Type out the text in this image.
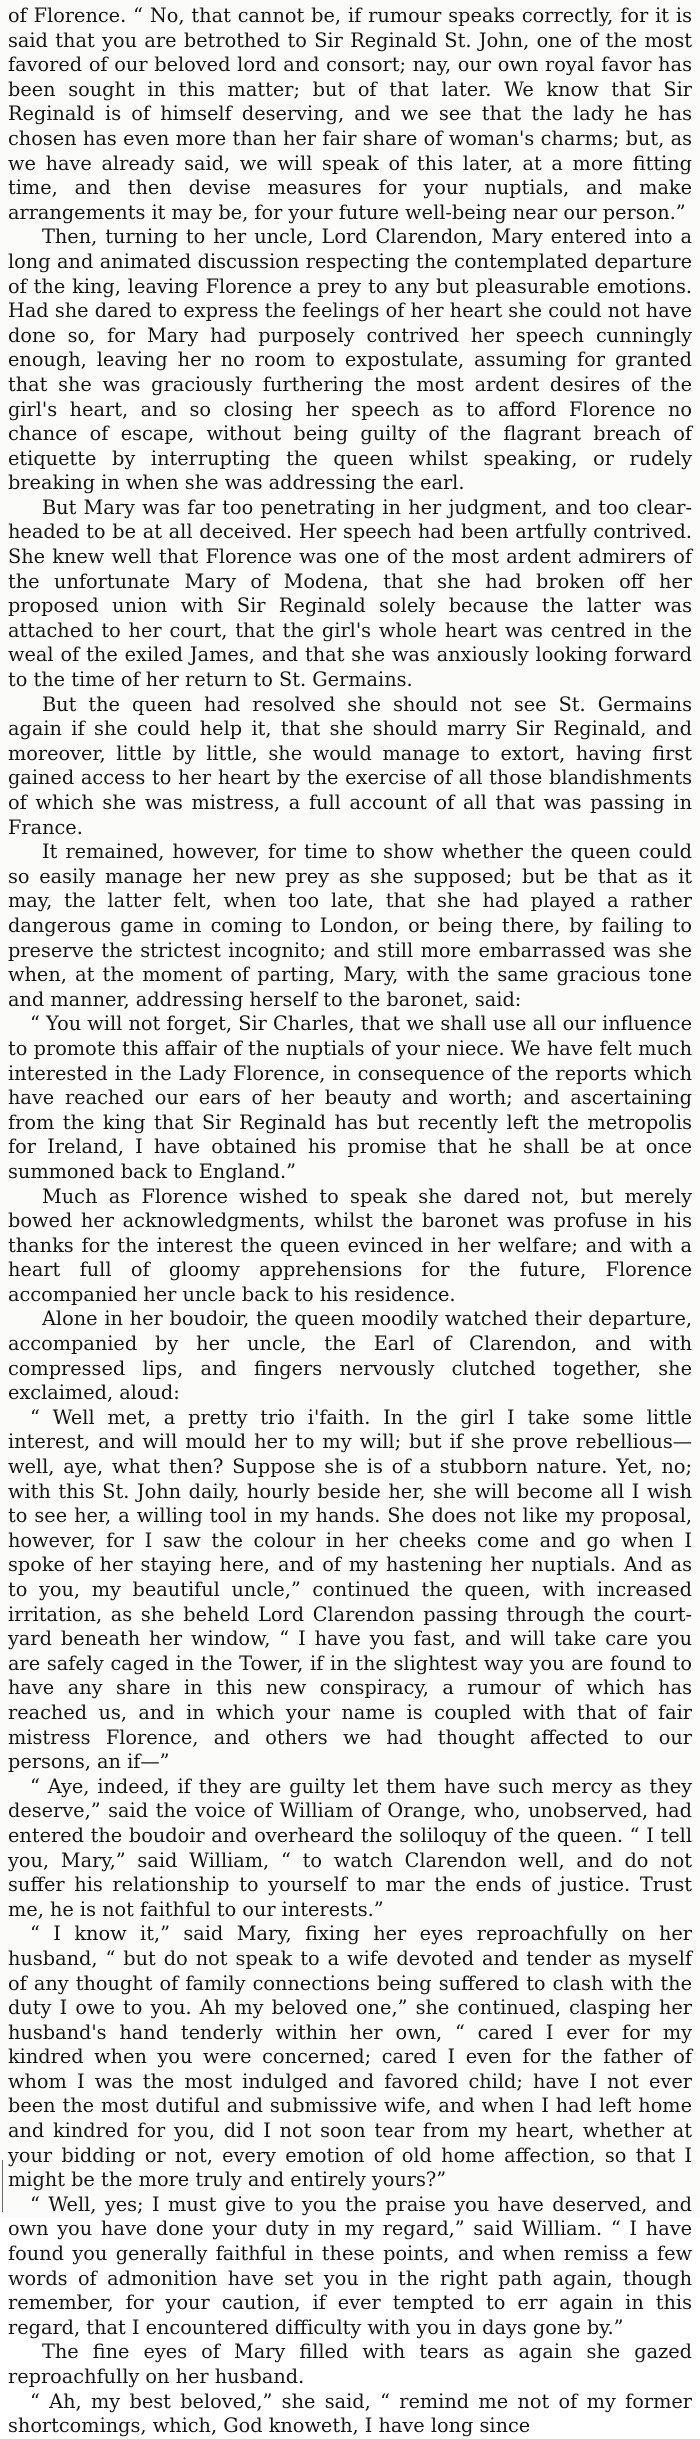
of Florence. “ No, that cannot be, if rumour speaks correctly, for it is said that you are betrothed to Sir Reginald St. John, one of the most favored of our beloved lord and consort; nay, our own royal favor has been sought in this matter; but of that later. We know that Sir Reginald is of himself deserving, and we see that the lady he has chosen has even more than her fair share of woman's charms; but, as we have already said, we will speak of this later, at a more fitting time, and then devise measures for your nuptials, and make arrangements it may be, for your future well-being near our person.”

Then, turning to her uncle, Lord Clarendon, Mary entered into a long and animated discussion respecting the contemplated departure of the king, leaving Florence a prey to any but pleasurable emotions. Had she dared to express the feelings of her heart she could not have done so, for Mary had purposely contrived her speech cunningly enough, leaving her no room to expostulate, assuming for granted that she was graciously furthering the most ardent desires of the girl's heart, and so closing her speech as to afford Florence no chance of escape, without being guilty of the flagrant breach of etiquette by interrupting the queen whilst speaking, or rudely breaking in when she was addressing the earl.

But Mary was far too penetrating in her judgment, and too clear-headed to be at all deceived. Her speech had been artfully contrived. She knew well that Florence was one of the most ardent admirers of the unfortunate Mary of Modena, that she had broken off her proposed union with Sir Reginald solely because the latter was attached to her court, that the girl's whole heart was centred in the weal of the exiled James, and that she was anxiously looking forward to the time of her return to St. Germains.

But the queen had resolved she should not see St. Germains again if she could help it, that she should marry Sir Reginald, and moreover, little by little, she would manage to extort, having first gained access to her heart by the exercise of all those blandishments of which she was mistress, a full account of all that was passing in France.

It remained, however, for time to show whether the queen could so easily manage her new prey as she supposed; but be that as it may, the latter felt, when too late, that she had played a rather dangerous game in coming to London, or being there, by failing to preserve the strictest incognito; and still more embarrassed was she when, at the moment of parting, Mary, with the same gracious tone and manner, addressing herself to the baronet, said:

“ You will not forget, Sir Charles, that we shall use all our influence to promote this affair of the nuptials of your niece. We have felt much interested in the Lady Florence, in consequence of the reports which have reached our ears of her beauty and worth; and ascertaining from the king that Sir Reginald has but recently left the metropolis for Ireland, I have obtained his promise that he shall be at once summoned back to England.”

Much as Florence wished to speak she dared not, but merely bowed her acknowledgments, whilst the baronet was profuse in his thanks for the interest the queen evinced in her welfare; and with a heart full of gloomy apprehensions for the future, Florence accompanied her uncle back to his residence.

Alone in her boudoir, the queen moodily watched their departure, accompanied by her uncle, the Earl of Clarendon, and with compressed lips, and fingers nervously clutched together, she exclaimed, aloud:

“ Well met, a pretty trio i'faith. In the girl I take some little interest, and will mould her to my will; but if she prove rebellious—well, aye, what then? Suppose she is of a stubborn nature. Yet, no; with this St. John daily, hourly beside her, she will become all I wish to see her, a willing tool in my hands. She does not like my proposal, however, for I saw the colour in her cheeks come and go when I spoke of her staying here, and of my hastening her nuptials. And as to you, my beautiful uncle,” continued the queen, with increased irritation, as she beheld Lord Clarendon passing through the court-yard beneath her window, “ I have you fast, and will take care you are safely caged in the Tower, if in the slightest way you are found to have any share in this new conspiracy, a rumour of which has reached us, and in which your name is coupled with that of fair mistress Florence, and others we had thought affected to our persons, an if—”

“ Aye, indeed, if they are guilty let them have such mercy as they deserve,” said the voice of William of Orange, who, unobserved, had entered the boudoir and overheard the soliloquy of the queen. “ I tell you, Mary,” said William, “ to watch Clarendon well, and do not suffer his relationship to yourself to mar the ends of justice. Trust me, he is not faithful to our interests.”

“ I know it,” said Mary, fixing her eyes reproachfully on her husband, “ but do not speak to a wife devoted and tender as myself of any thought of family connections being suffered to clash with the duty I owe to you. Ah my beloved one,” she continued, clasping her husband's hand tenderly within her own, “ cared I ever for my kindred when you were concerned; cared I even for the father of whom I was the most indulged and favored child; have I not ever been the most dutiful and submissive wife, and when I had left home and kindred for you, did I not soon tear from my heart, whether at your bidding or not, every emotion of old home affection, so that I might be the more truly and entirely yours?”

“ Well, yes; I must give to you the praise you have deserved, and own you have done your duty in my regard,” said William. “ I have found you generally faithful in these points, and when remiss a few words of admonition have set you in the right path again, though remember, for your caution, if ever tempted to err again in this regard, that I encountered difficulty with you in days gone by.”

The fine eyes of Mary filled with tears as again she gazed reproachfully on her husband.

“ Ah, my best beloved,” she said, “ remind me not of my former shortcomings, which, God knoweth, I have long since
